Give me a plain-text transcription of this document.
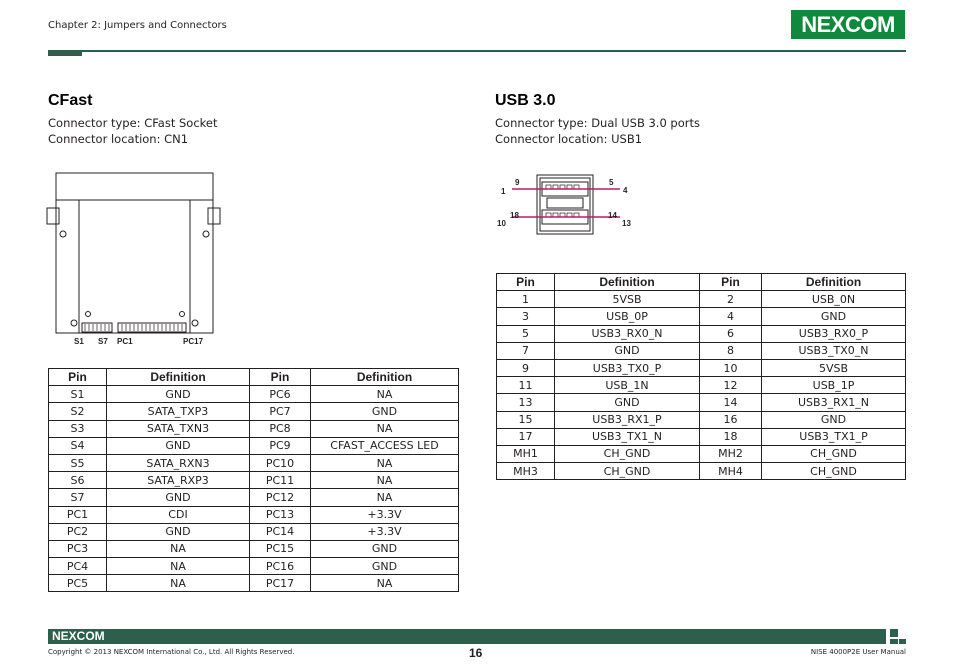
Chapter 2: Jumpers and Connectors	NEXCOM
CFast
Connector type: CFast Socket
Connector location: CN1
S1 S7 PC1	PC17
Pin	Definition	Pin	Definition
S1	GND	PC6	NA
S2	SATA_TXP3	PC7	GND
S3	SATA_TXN3	PC8	NA
S4	GND	PC9	CFAST_ACCESS LED
S5	SATA_RXN3	PC10	NA
S6	SATA_RXP3	PC11	NA
S7	GND	PC12	NA
PC1	CDI	PC13	+3.3V
PC2	GND	PC14	+3.3V
PC3	NA	PC15	GND
PC4	NA	PC16	GND
PC5	NA	PC17	NA
USB 3.0
Connector type: Dual USB 3.0 ports
Connector location: USB1
9	5
1	4
18	14
10	13
Pin	Definition	Pin	Definition
1	5VSB	2	USB_0N
3	USB_0P	4	GND
5	USB3_RX0_N	6	USB3_RX0_P
7	GND	8	USB3_TX0_N
9	USB3_TX0_P	10	5VSB
11	USB_1N	12	USB_1P
13	GND	14	USB3_RX1_N
15	USB3_RX1_P	16	GND
17	USB3_TX1_N	18	USB3_TX1_P
MH1	CH_GND	MH2	CH_GND
MH3	CH_GND	MH4	CH_GND
NEXCOM
Copyright © 2013 NEXCOM International Co., Ltd. All Rights Reserved.	16	NISE 4000P2E User Manual
